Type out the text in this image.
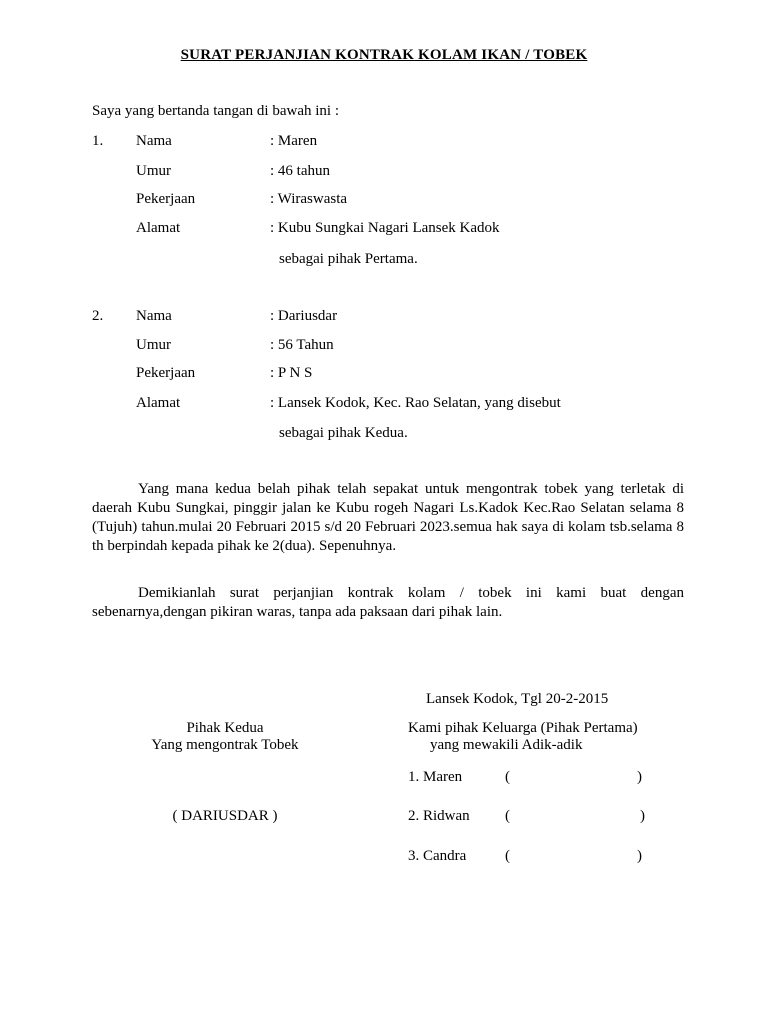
SURAT PERJANJIAN KONTRAK KOLAM IKAN / TOBEK
Saya yang bertanda tangan di bawah ini :
1. Nama	: Maren
Umur	: 46 tahun
Pekerjaan	: Wiraswasta
Alamat	: Kubu Sungkai Nagari Lansek Kadok
sebagai pihak Pertama.
2. Nama	: Dariusdar
Umur	: 56 Tahun
Pekerjaan	: P N S
Alamat	: Lansek Kodok, Kec. Rao Selatan, yang disebut
sebagai pihak Kedua.
Yang mana kedua belah pihak telah sepakat untuk mengontrak tobek yang terletak di daerah Kubu Sungkai, pinggir jalan ke Kubu rogeh Nagari Ls.Kadok Kec.Rao Selatan selama 8 (Tujuh) tahun.mulai 20 Februari 2015 s/d 20 Februari 2023.semua hak saya di kolam tsb.selama 8 th berpindah kepada pihak ke 2(dua). Sepenuhnya.
Demikianlah surat perjanjian kontrak kolam / tobek ini kami buat dengan sebenarnya,dengan pikiran waras, tanpa ada paksaan dari pihak lain.
Lansek Kodok, Tgl 20-2-2015
Pihak Kedua
Yang mengontrak Tobek
( DARIUSDAR )
Kami pihak Keluarga (Pihak Pertama)
yang mewakili Adik-adik
1. Maren	(	)
2. Ridwan (	)
3. Candra	(	)
